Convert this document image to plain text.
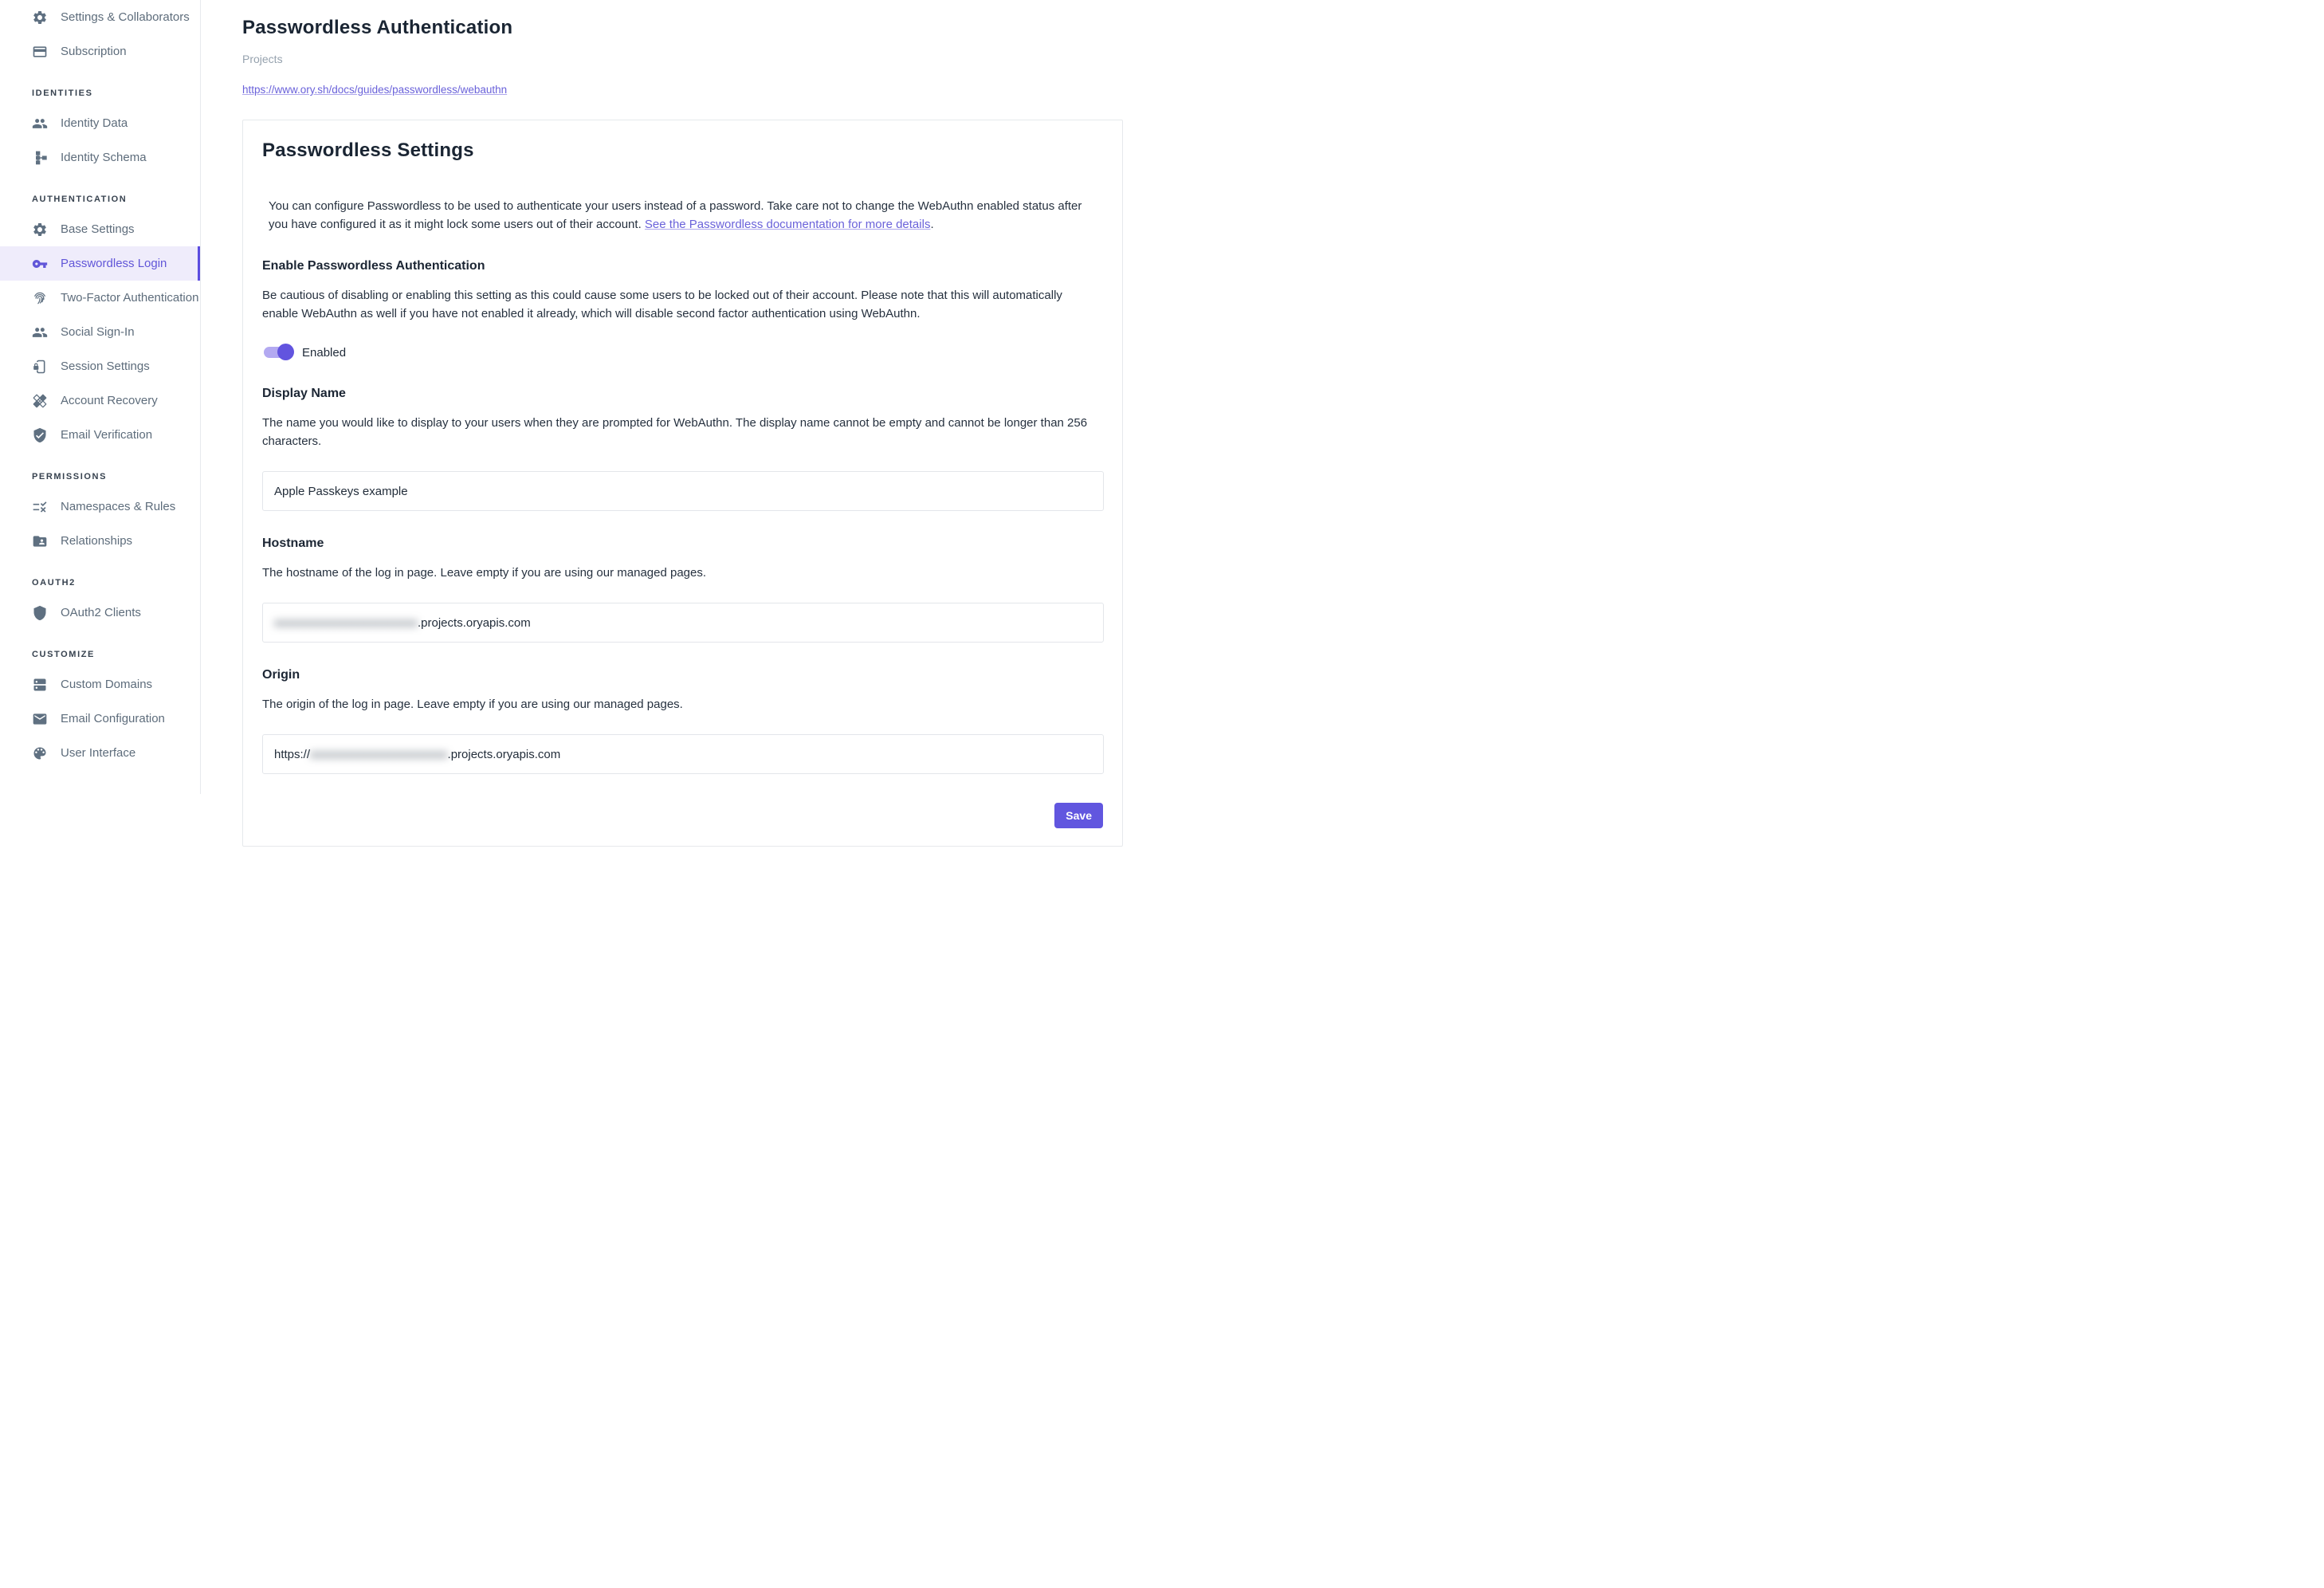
Settings & Collaborators
Subscription
IDENTITIES
Identity Data
Identity Schema
AUTHENTICATION
Base Settings
Passwordless Login
Two-Factor Authentication
Social Sign-In
Session Settings
Account Recovery
Email Verification
PERMISSIONS
Namespaces & Rules
Relationships
OAUTH2
OAuth2 Clients
CUSTOMIZE
Custom Domains
Email Configuration
User Interface
Passwordless Authentication
Projects
https://www.ory.sh/docs/guides/passwordless/webauthn
Passwordless Settings

You can configure Passwordless to be used to authenticate your users instead of a password. Take care not to change the WebAuthn enabled status after you have configured it as it might lock some users out of their account. See the Passwordless documentation for more details.

Enable Passwordless Authentication

Be cautious of disabling or enabling this setting as this could cause some users to be locked out of their account. Please note that this will automatically enable WebAuthn as well if you have not enabled it already, which will disable second factor authentication using WebAuthn.

Enabled
Display Name

The name you would like to display to your users when they are prompted for WebAuthn. The display name cannot be empty and cannot be longer than 256 characters.

Apple Passkeys example
Hostname

The hostname of the log in page. Leave empty if you are using our managed pages.

xxxxxxxxxxxxxxxxxxxxxxxx .projects.oryapis.com
Origin

The origin of the log in page. Leave empty if you are using our managed pages.

https:// xxxxxxxxxxxxxxxxxxxxxxx .projects.oryapis.com
Save
